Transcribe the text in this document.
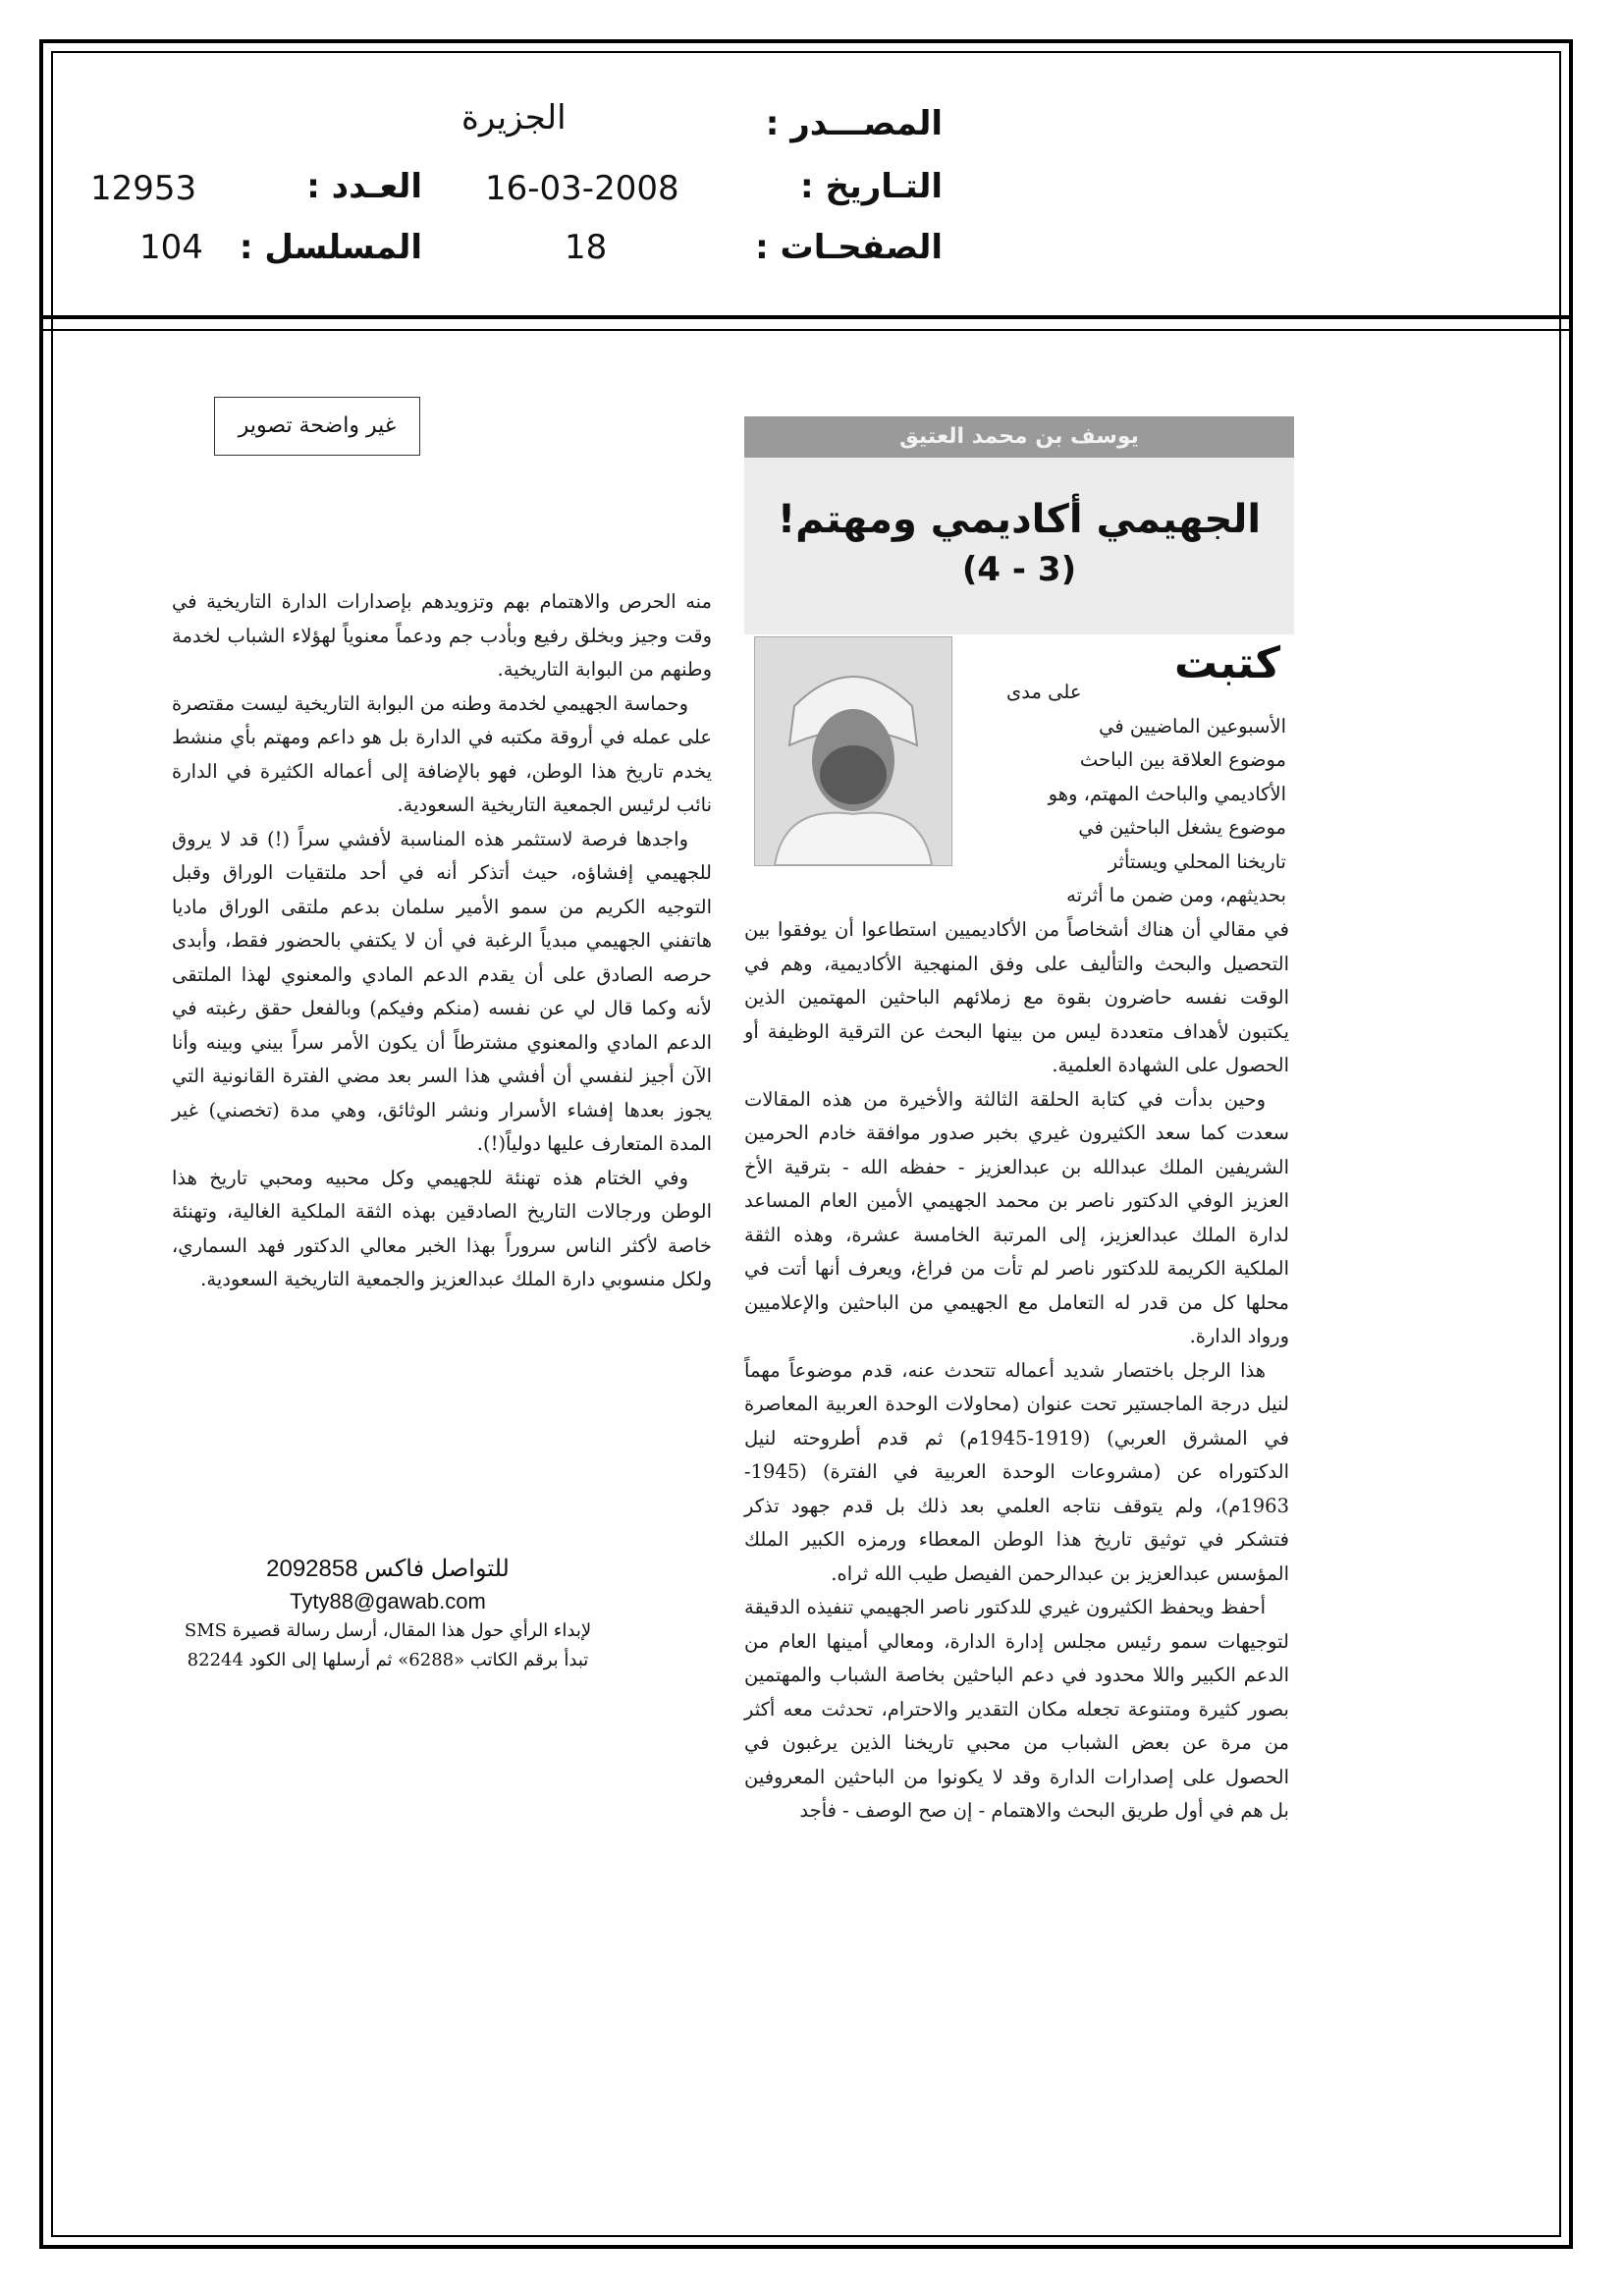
المصـــدر :
الجزيرة
التـاريخ :
16-03-2008
العـدد :
12953
الصفحـات :
18
المسلسل :
104
غير واضحة تصوير	يوسف بن محمد العتيق
الجهيمي أكاديمي ومهتم!
(3 - 4)
كتبت
على مدى
الأسبوعين الماضيين في
موضوع العلاقة بين الباحث
الأكاديمي والباحث المهتم، وهو
موضوع يشغل الباحثين في
تاريخنا المحلي ويستأثر
بحديثهم، ومن ضمن ما أثرته

في مقالي أن هناك أشخاصاً من الأكاديميين استطاعوا أن يوفقوا بين التحصيل والبحث والتأليف على وفق المنهجية الأكاديمية، وهم في الوقت نفسه حاضرون بقوة مع زملائهم الباحثين المهتمين الذين يكتبون لأهداف متعددة ليس من بينها البحث عن الترقية الوظيفة أو الحصول على الشهادة العلمية.

وحين بدأت في كتابة الحلقة الثالثة والأخيرة من هذه المقالات سعدت كما سعد الكثيرون غيري بخبر صدور موافقة خادم الحرمين الشريفين الملك عبدالله بن عبدالعزيز - حفظه الله - بترقية الأخ العزيز الوفي الدكتور ناصر بن محمد الجهيمي الأمين العام المساعد لدارة الملك عبدالعزيز، إلى المرتبة الخامسة عشرة، وهذه الثقة الملكية الكريمة للدكتور ناصر لم تأت من فراغ، ويعرف أنها أتت في محلها كل من قدر له التعامل مع الجهيمي من الباحثين والإعلاميين ورواد الدارة.

هذا الرجل باختصار شديد أعماله تتحدث عنه، قدم موضوعاً مهماً لنيل درجة الماجستير تحت عنوان (محاولات الوحدة العربية المعاصرة في المشرق العربي) (1919-1945م) ثم قدم أطروحته لنيل الدكتوراه عن (مشروعات الوحدة العربية في الفترة) (1945-1963م)، ولم يتوقف نتاجه العلمي بعد ذلك بل قدم جهود تذكر فتشكر في توثيق تاريخ هذا الوطن المعطاء ورمزه الكبير الملك المؤسس عبدالعزيز بن عبدالرحمن الفيصل طيب الله ثراه.

أحفظ ويحفظ الكثيرون غيري للدكتور ناصر الجهيمي تنفيذه الدقيقة لتوجيهات سمو رئيس مجلس إدارة الدارة، ومعالي أمينها العام من الدعم الكبير واللا محدود في دعم الباحثين بخاصة الشباب والمهتمين بصور كثيرة ومتنوعة تجعله مكان التقدير والاحترام، تحدثت معه أكثر من مرة عن بعض الشباب من محبي تاريخنا الذين يرغبون في الحصول على إصدارات الدارة وقد لا يكونوا من الباحثين المعروفين بل هم في أول طريق البحث والاهتمام - إن صح الوصف - فأجد

منه الحرص والاهتمام بهم وتزويدهم بإصدارات الدارة التاريخية في وقت وجيز وبخلق رفيع وبأدب جم ودعماً معنوياً لهؤلاء الشباب لخدمة وطنهم من البوابة التاريخية.

وحماسة الجهيمي لخدمة وطنه من البوابة التاريخية ليست مقتصرة على عمله في أروقة مكتبه في الدارة بل هو داعم ومهتم بأي منشط يخدم تاريخ هذا الوطن، فهو بالإضافة إلى أعماله الكثيرة في الدارة نائب لرئيس الجمعية التاريخية السعودية.

واجدها فرصة لاستثمر هذه المناسبة لأفشي سراً (!) قد لا يروق للجهيمي إفشاؤه، حيث أتذكر أنه في أحد ملتقيات الوراق وقبل التوجيه الكريم من سمو الأمير سلمان بدعم ملتقى الوراق ماديا هاتفني الجهيمي مبدياً الرغبة في أن لا يكتفي بالحضور فقط، وأبدى حرصه الصادق على أن يقدم الدعم المادي والمعنوي لهذا الملتقى لأنه وكما قال لي عن نفسه (منكم وفيكم) وبالفعل حقق رغبته في الدعم المادي والمعنوي مشترطاً أن يكون الأمر سراً بيني وبينه وأنا الآن أجيز لنفسي أن أفشي هذا السر بعد مضي الفترة القانونية التي يجوز بعدها إفشاء الأسرار ونشر الوثائق، وهي مدة (تخصني) غير المدة المتعارف عليها دولياً(!).

وفي الختام هذه تهنئة للجهيمي وكل محبيه ومحبي تاريخ هذا الوطن ورجالات التاريخ الصادقين بهذه الثقة الملكية الغالية، وتهنئة خاصة لأكثر الناس سروراً بهذا الخبر معالي الدكتور فهد السماري، ولكل منسوبي دارة الملك عبدالعزيز والجمعية التاريخية السعودية.

للتواصل فاكس 2092858
Tyty88@gawab.com
لإبداء الرأي حول هذا المقال، أرسل رسالة قصيرة SMS
تبدأ برقم الكاتب «6288» ثم أرسلها إلى الكود 82244
